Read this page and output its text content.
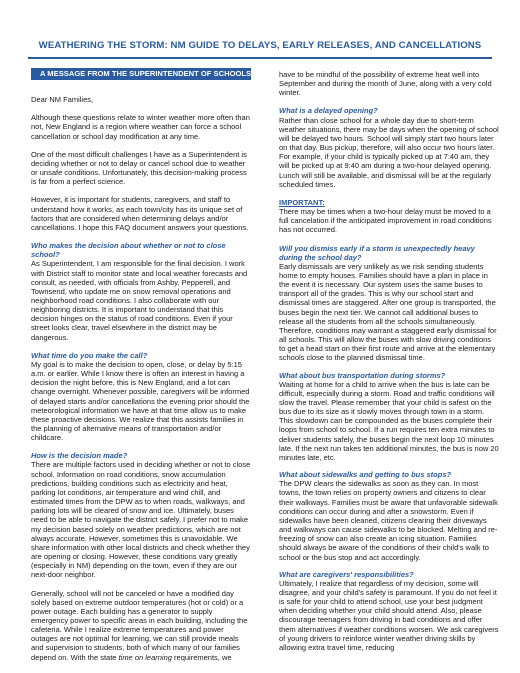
WEATHERING THE STORM: NM GUIDE TO DELAYS, EARLY RELEASES, AND CANCELLATIONS
A MESSAGE FROM THE SUPERINTENDENT OF SCHOOLS

Dear NM Families,

Although these questions relate to winter weather more often than not, New England is a region where weather can force a school cancellation or school day modification at any time.

One of the most difficult challenges I have as a Superintendent is deciding whether or not to delay or cancel school due to weather or unsafe conditions. Unfortunately, this decision-making process is far from a perfect science.

However, it is important for students, caregivers, and staff to understand how it works, as each town/city has its unique set of factors that are considered when determining delays and/or cancellations. I hope this FAQ document answers your questions.

Who makes the decision about whether or not to close school?

As Superintendent, I am responsible for the final decision. I work with District staff to monitor state and local weather forecasts and consult, as needed, with officials from Ashby, Pepperell, and Townsend, who update me on snow removal operations and neighborhood road conditions. I also collaborate with our neighboring districts. It is important to understand that this decision hinges on the status of road conditions. Even if your street looks clear, travel elsewhere in the district may be dangerous.

What time do you make the call?

My goal is to make the decision to open, close, or delay by 5:15 a.m. or earlier. While I know there is often an interest in having a decision the night before, this is New England, and a lot can change overnight. Whenever possible, caregivers will be informed of delayed starts and/or cancellations the evening prior should the meteorological information we have at that time allow us to make these proactive decisions. We realize that this assists families in the planning of alternative means of transportation and/or childcare.

How is the decision made?

There are multiple factors used in deciding whether or not to close school. Information on road conditions, snow accumulation predictions, building conditions such as electricity and heat, parking lot conditions, air temperature and wind chill, and estimated times from the DPW as to when roads, walkways, and parking lots will be cleared of snow and ice. Ultimately, buses need to be able to navigate the district safely. I prefer not to make my decision based solely on weather predictions, which are not always accurate. However, sometimes this is unavoidable. We share information with other local districts and check whether they are opening or closing. However, these conditions vary greatly (especially in NM) depending on the town, even if they are our next-door neighbor.

Generally, school will not be canceled or have a modified day solely based on extreme outdoor temperatures (hot or cold) or a power outage. Each building has a generator to supply emergency power to specific areas in each building, including the cafeteria. While I realize extreme temperatures and power outages are not optimal for learning, we can still provide meals and supervision to students, both of which many of our families depend on. With the state time on learning requirements, we

have to be mindful of the possibility of extreme heat well into September and during the month of June, along with a very cold winter.

What is a delayed opening?

Rather than close school for a whole day due to short-term weather situations, there may be days when the opening of school will be delayed two hours. School will simply start two hours later on that day. Bus pickup, therefore, will also occur two hours later. For example, if your child is typically picked up at 7:40 am, they will be picked up at 9:40 am during a two-hour delayed opening. Lunch will still be available, and dismissal will be at the regularly scheduled times.

IMPORTANT:

There may be times when a two-hour delay must be moved to a full cancelation if the anticipated improvement in road conditions has not occurred.

Will you dismiss early if a storm is unexpectedly heavy during the school day?

Early dismissals are very unlikely as we risk sending students home to empty houses. Families should have a plan in place in the event it is necessary. Our system uses the same buses to transport all of the grades. This is why our school start and dismissal times are staggered. After one group is transported, the buses begin the next tier. We cannot call additional buses to release all the students from all the schools simultaneously. Therefore, conditions may warrant a staggered early dismissal for all schools. This will allow the buses with slow driving conditions to get a head start on their first route and arrive at the elementary schools close to the planned dismissal time.

What about bus transportation during storms?

Waiting at home for a child to arrive when the bus is late can be difficult, especially during a storm. Road and traffic conditions will slow the travel. Please remember that your child is safest on the bus due to its size as it slowly moves through town in a storm. This slowdown can be compounded as the buses complete their loops from school to school. If a run requires ten extra minutes to deliver students safely, the buses begin the next loop 10 minutes late. If the next run takes ten additional minutes, the bus is now 20 minutes late, etc.

What about sidewalks and getting to bus stops?

The DPW clears the sidewalks as soon as they can. In most towns, the town relies on property owners and citizens to clear their walkways. Families must be aware that unfavorable sidewalk conditions can occur during and after a snowstorm. Even if sidewalks have been cleaned, citizens clearing their driveways and walkways can cause sidewalks to be blocked. Melting and re-freezing of snow can also create an icing situation. Families should always be aware of the conditions of their child's walk to school or the bus stop and act accordingly.

What are caregivers' responsibilities?

Ultimately, I realize that regardless of my decision, some will disagree, and your child's safety is paramount. If you do not feel it is safe for your child to attend school, use your best judgment when deciding whether your child should attend. Also, please discourage teenagers from driving in bad conditions and offer them alternatives if weather conditions worsen. We ask caregivers of young drivers to reinforce winter weather driving skills by allowing extra travel time, reducing
